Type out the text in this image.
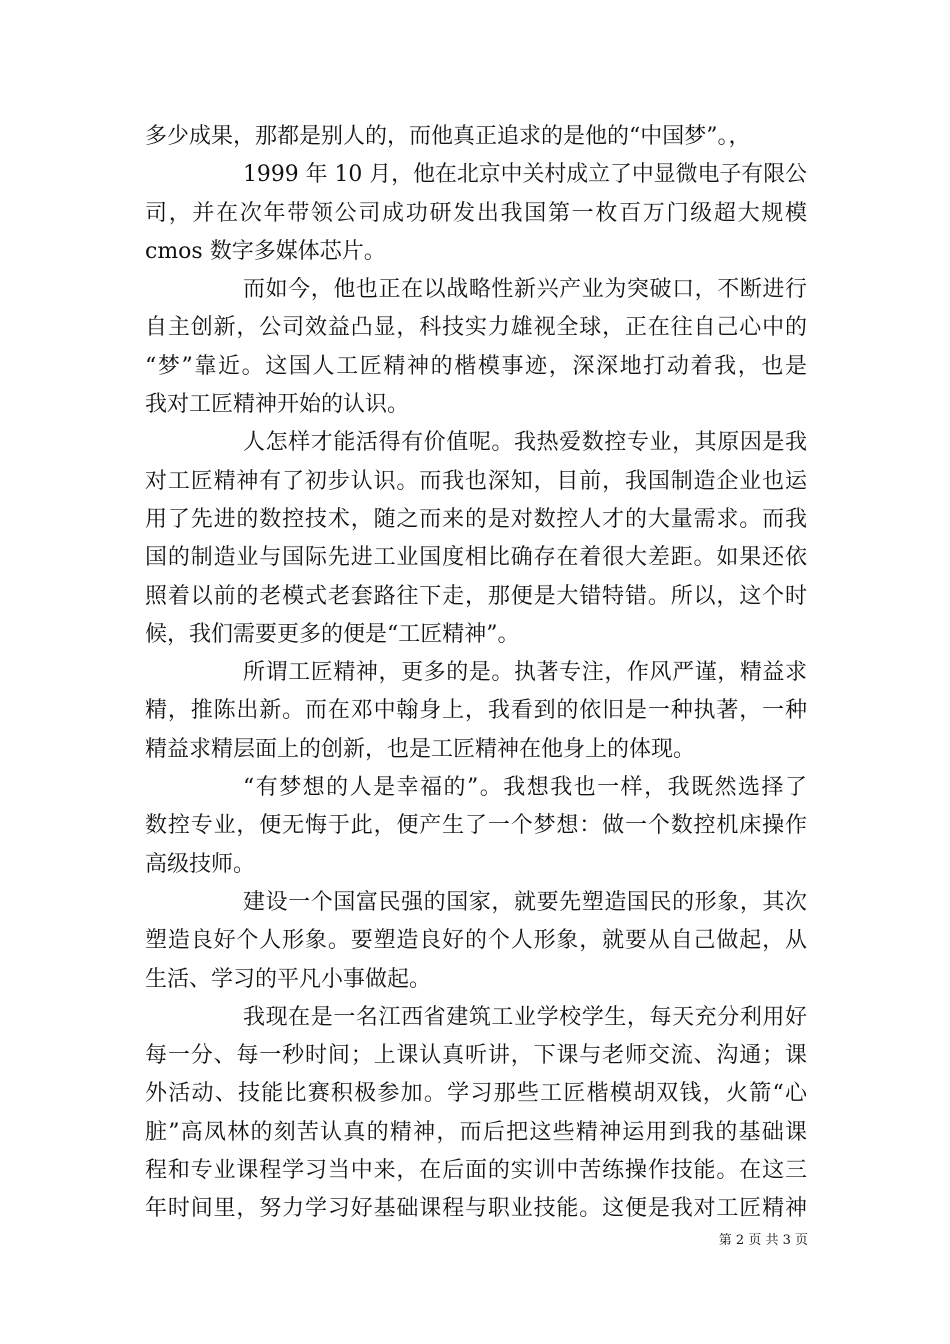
多少成果，那都是别人的，而他真正追求的是他的“中国梦”。，
1999 年 10 月，他在北京中关村成立了中显微电子有限公
司，并在次年带领公司成功研发出我国第一枚百万门级超大规模
cmos 数字多媒体芯片。
而如今，他也正在以战略性新兴产业为突破口，不断进行
自主创新，公司效益凸显，科技实力雄视全球，正在往自己心中的
“梦”靠近。这国人工匠精神的楷模事迹，深深地打动着我，也是
我对工匠精神开始的认识。
人怎样才能活得有价值呢。我热爱数控专业，其原因是我
对工匠精神有了初步认识。而我也深知，目前，我国制造企业也运
用了先进的数控技术，随之而来的是对数控人才的大量需求。而我
国的制造业与国际先进工业国度相比确存在着很大差距。如果还依
照着以前的老模式老套路往下走，那便是大错特错。所以，这个时
候，我们需要更多的便是“工匠精神”。
所谓工匠精神，更多的是。执著专注，作风严谨，精益求
精，推陈出新。而在邓中翰身上，我看到的依旧是一种执著，一种
精益求精层面上的创新，也是工匠精神在他身上的体现。
“有梦想的人是幸福的”。我想我也一样，我既然选择了
数控专业，便无悔于此，便产生了一个梦想：做一个数控机床操作
高级技师。
建设一个国富民强的国家，就要先塑造国民的形象，其次
塑造良好个人形象。要塑造良好的个人形象，就要从自己做起，从
生活、学习的平凡小事做起。
我现在是一名江西省建筑工业学校学生，每天充分利用好
每一分、每一秒时间；上课认真听讲，下课与老师交流、沟通；课
外活动、技能比赛积极参加。学习那些工匠楷模胡双钱，火箭“心
脏”高凤林的刻苦认真的精神，而后把这些精神运用到我的基础课
程和专业课程学习当中来，在后面的实训中苦练操作技能。在这三
年时间里，努力学习好基础课程与职业技能。这便是我对工匠精神
第 2 页 共 3 页
